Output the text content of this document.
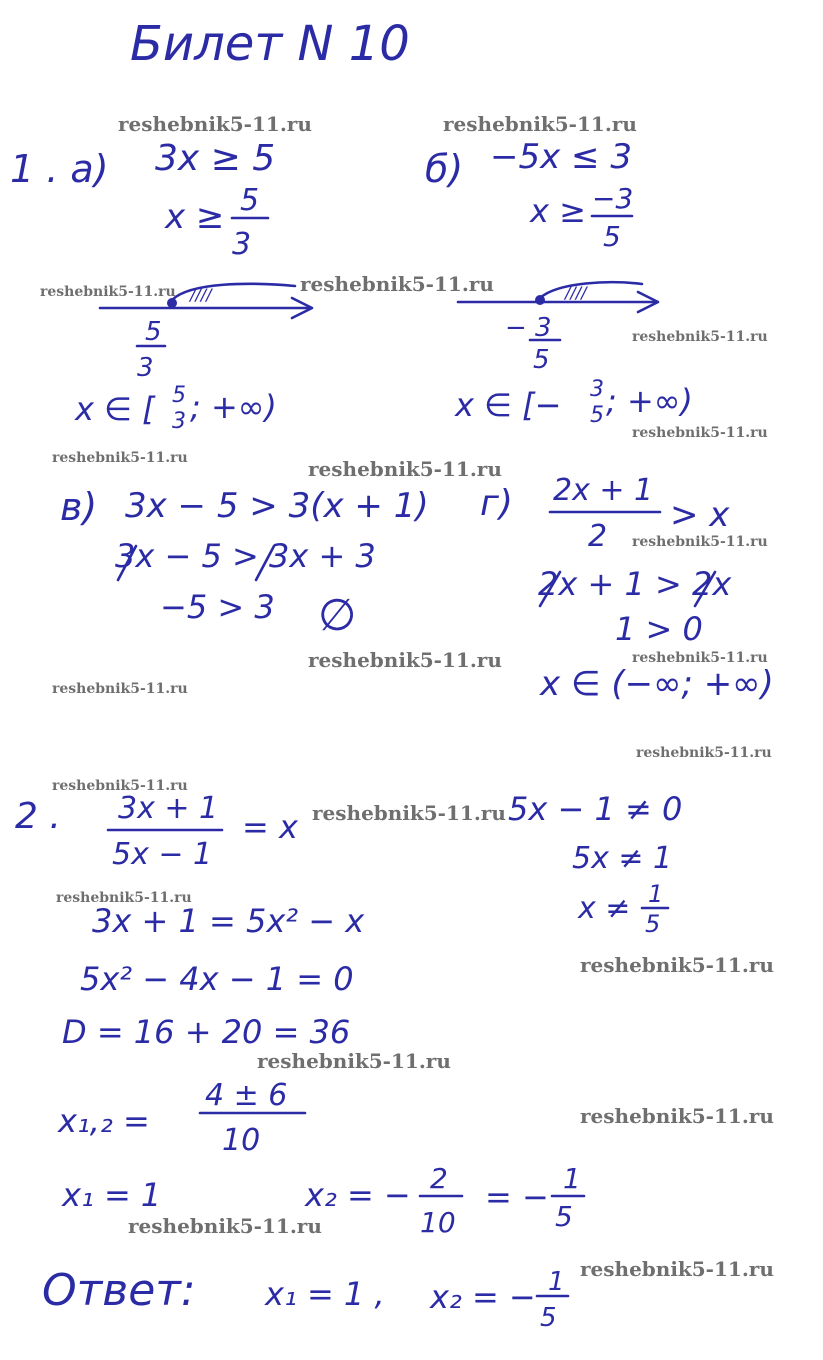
Билет N 10
1 . а) 3x ≥ 5
x ≥ 5
3
////
5
3
x ∈ [ 5
3 ; +∞)
б) −5x ≤ 3
x ≥ −3
5
////
− 3
5
x ∈ [− 3
5 ; +∞)
в) 3x − 5 > 3(x + 1)
3x − 5 > 3x + 3
−5 > 3 ∅
г) 2x + 1
2
> x
2x + 1 > 2x
1 > 0
x ∈ (−∞; +∞)
2 . 3x + 1
5x − 1
= x	5x − 1 ≠ 0
5x ≠ 1
x ≠ 1
5
3x + 1 = 5x² − x
5x² − 4x − 1 = 0
D = 16 + 20 = 36
x₁,₂ =
4 ± 6
10
x₁ = 1	x₂ = − 2
10
= − 1
5
Ответ: x₁ = 1 , x₂ = − 1
5
reshebnik5-11.ru	reshebnik5-11.ru
reshebnik5-11.ru	reshebnik5-11.ru
reshebnik5-11.ru
reshebnik5-11.ru
reshebnik5-11.ru	reshebnik5-11.ru
reshebnik5-11.ru
reshebnik5-11.ru
reshebnik5-11.ru
reshebnik5-11.ru
reshebnik5-11.ru
reshebnik5-11.ru
reshebnik5-11.ru
reshebnik5-11.ru
reshebnik5-11.ru
reshebnik5-11.ru
reshebnik5-11.ru
reshebnik5-11.ru
reshebnik5-11.ru
